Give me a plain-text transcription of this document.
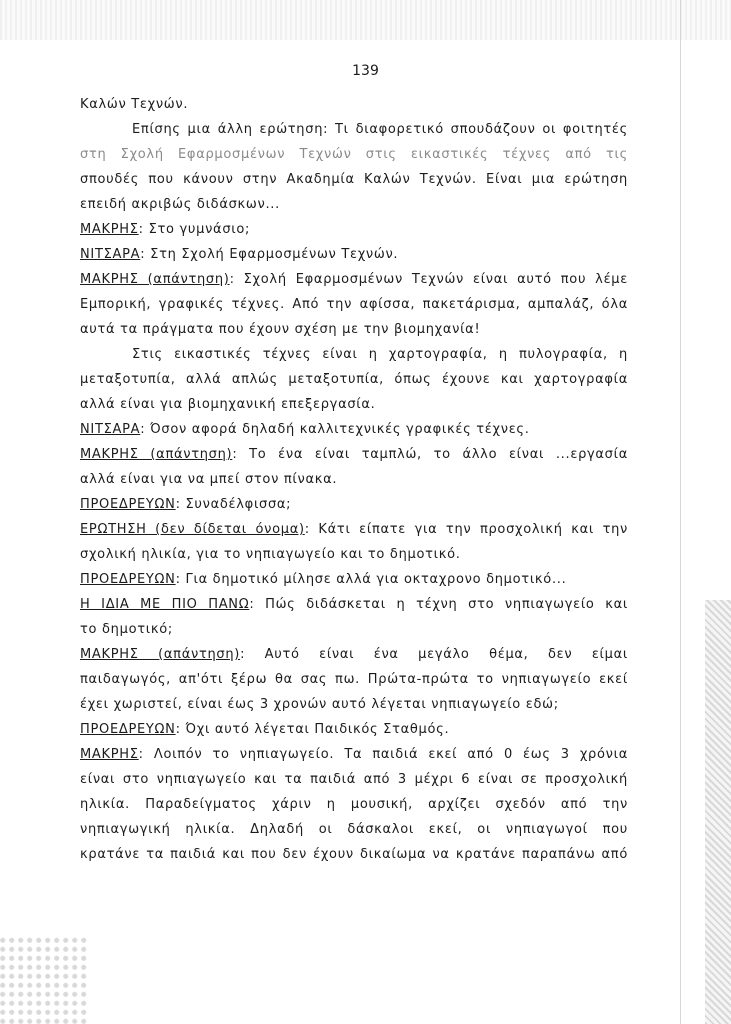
139
Καλών Τεχνών.
Επίσης μια άλλη ερώτηση: Τι διαφορετικό σπουδάζουν οι φοιτητές
στη Σχολή Εφαρμοσμένων Τεχνών στις εικαστικές τέχνες από τις
σπουδές που κάνουν στην Ακαδημία Καλών Τεχνών. Είναι μια ερώτηση
επειδή ακριβώς διδάσκων...
ΜΑΚΡΗΣ: Στο γυμνάσιο;
ΝΙΤΣΑΡΑ: Στη Σχολή Εφαρμοσμένων Τεχνών.
ΜΑΚΡΗΣ (απάντηση): Σχολή Εφαρμοσμένων Τεχνών είναι αυτό που λέμε
Εμπορική, γραφικές τέχνες. Από την αφίσσα, πακετάρισμα, αμπαλάζ, όλα
αυτά τα πράγματα που έχουν σχέση με την βιομηχανία!
Στις εικαστικές τέχνες είναι η χαρτογραφία, η πυλογραφία, η
μεταξοτυπία, αλλά απλώς μεταξοτυπία, όπως έχουνε και χαρτογραφία
αλλά είναι για βιομηχανική επεξεργασία.
ΝΙΤΣΑΡΑ: Όσον αφορά δηλαδή καλλιτεχνικές γραφικές τέχνες.
ΜΑΚΡΗΣ (απάντηση): Το ένα είναι ταμπλώ, το άλλο είναι ...εργασία
αλλά είναι για να μπεί στον πίνακα.
ΠΡΟΕΔΡΕΥΩΝ: Συναδέλφισσα;
ΕΡΩΤΗΣΗ (δεν δίδεται όνομα): Κάτι είπατε για την προσχολική και την
σχολική ηλικία, για το νηπιαγωγείο και το δημοτικό.
ΠΡΟΕΔΡΕΥΩΝ: Για δημοτικό μίλησε αλλά για οκταχρονο δημοτικό...
Η ΙΔΙΑ ΜΕ ΠΙΟ ΠΑΝΩ: Πώς διδάσκεται η τέχνη στο νηπιαγωγείο και
το δημοτικό;
ΜΑΚΡΗΣ (απάντηση): Αυτό είναι ένα μεγάλο θέμα, δεν είμαι
παιδαγωγός, απ'ότι ξέρω θα σας πω. Πρώτα-πρώτα το νηπιαγωγείο εκεί
έχει χωριστεί, είναι έως 3 χρονών αυτό λέγεται νηπιαγωγείο εδώ;
ΠΡΟΕΔΡΕΥΩΝ: Όχι αυτό λέγεται Παιδικός Σταθμός.
ΜΑΚΡΗΣ: Λοιπόν το νηπιαγωγείο. Τα παιδιά εκεί από 0 έως 3 χρόνια
είναι στο νηπιαγωγείο και τα παιδιά από 3 μέχρι 6 είναι σε προσχολική
ηλικία. Παραδείγματος χάριν η μουσική, αρχίζει σχεδόν από την
νηπιαγωγική ηλικία. Δηλαδή οι δάσκαλοι εκεί, οι νηπιαγωγοί που
κρατάνε τα παιδιά και που δεν έχουν δικαίωμα να κρατάνε παραπάνω από
